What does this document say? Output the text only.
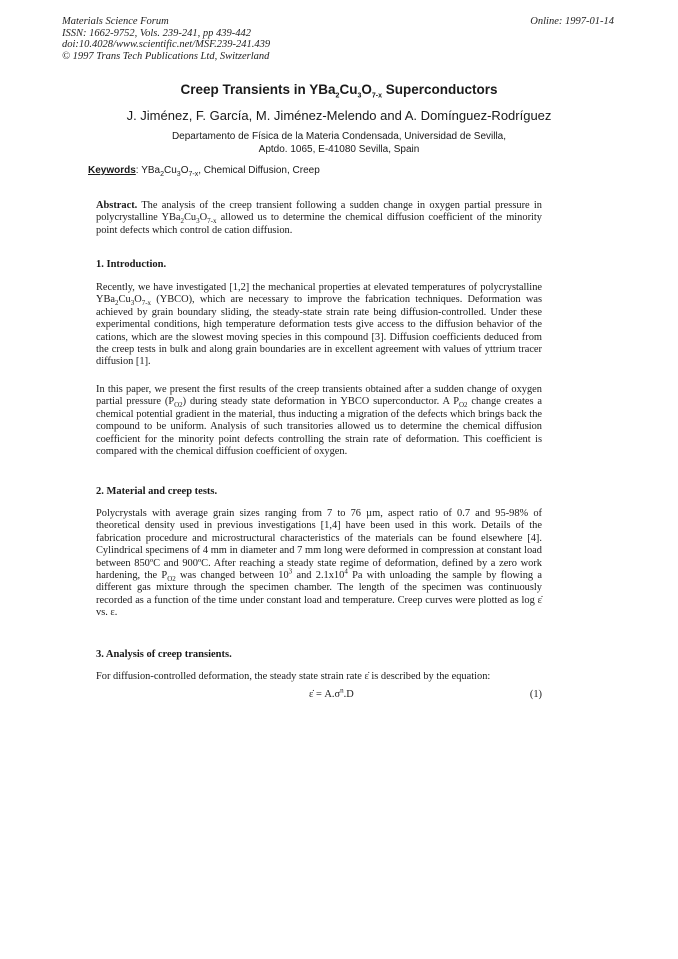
Materials Science Forum
ISSN: 1662-9752, Vols. 239-241, pp 439-442
doi:10.4028/www.scientific.net/MSF.239-241.439
© 1997 Trans Tech Publications Ltd, Switzerland
Online: 1997-01-14
Creep Transients in $YBa_2Cu_3O_{7-x}$ Superconductors
J. Jiménez, F. García, M. Jiménez-Melendo and A. Domínguez-Rodríguez
Departamento de Física de la Materia Condensada, Universidad de Sevilla,
Aptdo. 1065, E-41080 Sevilla, Spain
Keywords: $YBa_2Cu_3O_{7-x}$, Chemical Diffusion, Creep
Abstract. The analysis of the creep transient following a sudden change in oxygen partial pressure in polycrystalline $YBa_2Cu_3O_{7-x}$ allowed us to determine the chemical diffusion coefficient of the minority point defects which control de cation diffusion.
1. Introduction.
Recently, we have investigated [1,2] the mechanical properties at elevated temperatures of polycrystalline $YBa_2Cu_3O_{7-x}$ (YBCO), which are necessary to improve the fabrication techniques. Deformation was achieved by grain boundary sliding, the steady-state strain rate being diffusion-controlled. Under these experimental conditions, high temperature deformation tests give access to the diffusion behavior of the cations, which are the slowest moving species in this compound [3]. Diffusion coefficients deduced from the creep tests in bulk and along grain boundaries are in excellent agreement with values of yttrium tracer diffusion [1].
In this paper, we present the first results of the creep transients obtained after a sudden change of oxygen partial pressure $(P_{O2})$ during steady state deformation in YBCO superconductor. A $P_{O2}$ change creates a chemical potential gradient in the material, thus inducting a migration of the defects which brings back the compound to be uniform. Analysis of such transitories allowed us to determine the chemical diffusion coefficient for the minority point defects controlling the strain rate of deformation. This coefficient is compared with the chemical diffusion coefficient of oxygen.
2. Material and creep tests.
Polycrystals with average grain sizes ranging from 7 to 76 µm, aspect ratio of 0.7 and 95-98% of theoretical density used in previous investigations [1,4] have been used in this work. Details of the fabrication procedure and microstructural characteristics of the materials can be found elsewhere [4]. Cylindrical specimens of 4 mm in diameter and 7 mm long were deformed in compression at constant load between 850ºC and 900ºC. After reaching a steady state regime of deformation, defined by a zero work hardening, the $P_{O2}$ was changed between $10^3$ and $2.1x10^4$ Pa with unloading the sample by flowing a different gas mixture through the specimen chamber. The length of the specimen was continuously recorded as a function of the time under constant load and temperature. Creep curves were plotted as log ε̇ vs. ε.
3. Analysis of creep transients.
For diffusion-controlled deformation, the steady state strain rate ε̇ is described by the equation:
ε̇ = $A.\sigma^n.D$	(1)
